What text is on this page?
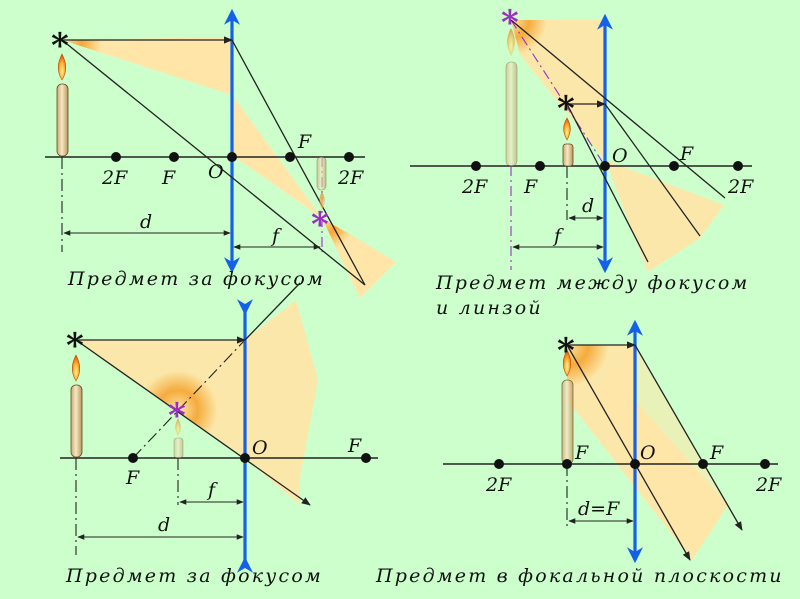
*
*
2F F O
F
2F
d
f
Предмет за фокусом
*
*
2F F
O	F
2F
d
f
Предмет между фокусом
и линзой
*
*
F
O	F
f
d
Предмет за фокусом
*
2F
F	O	F
2F
d=F
Предмет в фокальной плоскости
